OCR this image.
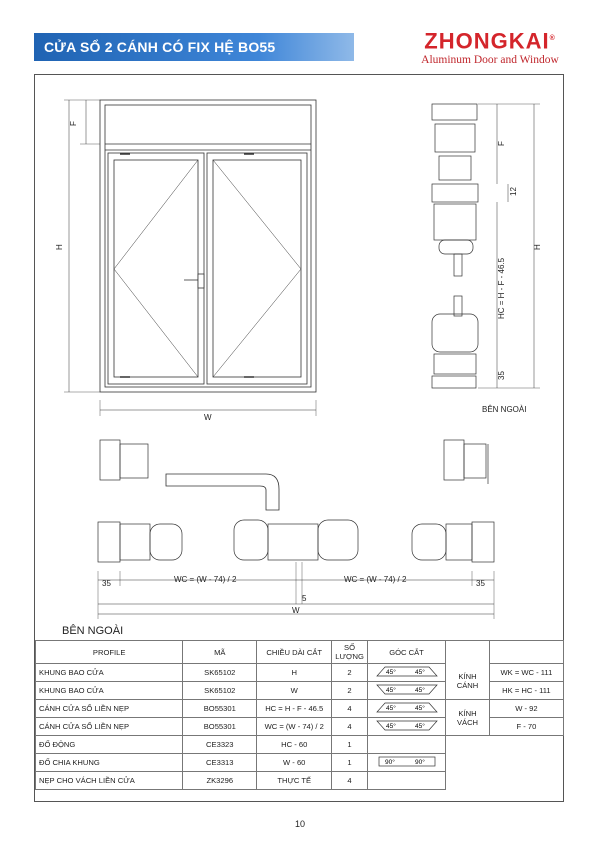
CỬA SỔ 2 CÁNH CÓ FIX HỆ BO55	ZHONGKAI®
Aluminum Door and Window
F
H
W
F
12
H
HC = H - F - 46.5
35
BÊN NGOÀI
35	WC = (W - 74) / 2	WC = (W - 74) / 2	35
5
W
BÊN NGOÀI
PROFILE	MÃ	CHIỀU DÀI CẮT	SỐ LƯỢNG	GÓC CẮT		
KHUNG BAO CỬA	SK65102	H	2	45° 45°	KÍNH CÁNH	WK = WC - 111
KHUNG BAO CỬA	SK65102	W	2	45° 45°		HK = HC - 111
CÁNH CỬA SỔ LIỀN NẸP	BO55301	HC = H - F - 46.5	4	45° 45°	KÍNH VÁCH	W - 92
CÁNH CỬA SỔ LIỀN NẸP	BO55301	WC = (W - 74) / 2	4	45° 45°		F - 70
ĐỐ ĐỘNG	CE3323	HC - 60	1			
ĐỐ CHIA KHUNG	CE3313	W - 60	1	90° 90°		

NẸP CHO VÁCH LIỀN CỬA	ZK3296	THỰC TẾ	4			
10
